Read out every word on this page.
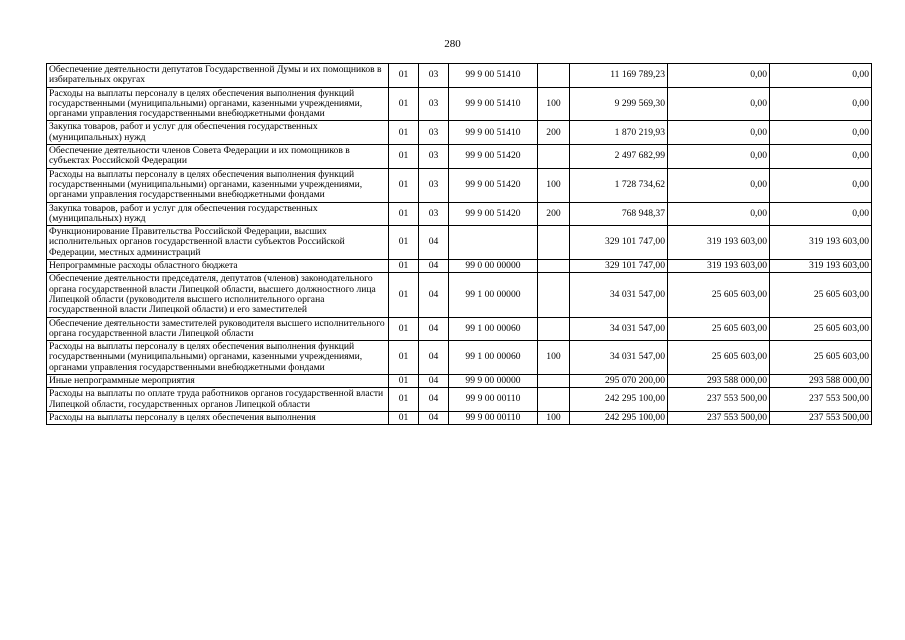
280
Обеспечение деятельности депутатов Государственной Думы и их помощников в избирательных округах	01	03	99 9 00 51410		11 169 789,23	0,00	0,00
Расходы на выплаты персоналу в целях обеспечения выполнения функций государственными (муниципальными) органами, казенными учреждениями, органами управления государственными внебюджетными фондами	01	03	99 9 00 51410	100	9 299 569,30	0,00	0,00
Закупка товаров, работ и услуг для обеспечения государственных (муниципальных) нужд	01	03	99 9 00 51410	200	1 870 219,93	0,00	0,00
Обеспечение деятельности членов Совета Федерации и их помощников в субъектах Российской Федерации	01	03	99 9 00 51420		2 497 682,99	0,00	0,00
Расходы на выплаты персоналу в целях обеспечения выполнения функций государственными (муниципальными) органами, казенными учреждениями, органами управления государственными внебюджетными фондами	01	03	99 9 00 51420	100	1 728 734,62	0,00	0,00
Закупка товаров, работ и услуг для обеспечения государственных (муниципальных) нужд	01	03	99 9 00 51420	200	768 948,37	0,00	0,00
Функционирование Правительства Российской Федерации, высших исполнительных органов государственной власти субъектов Российской Федерации, местных администраций	01	04			329 101 747,00	319 193 603,00	319 193 603,00
Непрограммные расходы областного бюджета	01	04	99 0 00 00000		329 101 747,00	319 193 603,00	319 193 603,00
Обеспечение деятельности председателя, депутатов (членов) законодательного органа государственной власти Липецкой области, высшего должностного лица Липецкой области (руководителя высшего исполнительного органа государственной власти Липецкой области) и его заместителей	01	04	99 1 00 00000		34 031 547,00	25 605 603,00	25 605 603,00
Обеспечение деятельности заместителей руководителя высшего исполнительного органа государственной власти Липецкой области	01	04	99 1 00 00060		34 031 547,00	25 605 603,00	25 605 603,00
Расходы на выплаты персоналу в целях обеспечения выполнения функций государственными (муниципальными) органами, казенными учреждениями, органами управления государственными внебюджетными фондами	01	04	99 1 00 00060	100	34 031 547,00	25 605 603,00	25 605 603,00
Иные непрограммные мероприятия	01	04	99 9 00 00000		295 070 200,00	293 588 000,00	293 588 000,00
Расходы на выплаты по оплате труда работников органов государственной власти Липецкой области, государственных органов Липецкой области	01	04	99 9 00 00110		242 295 100,00	237 553 500,00	237 553 500,00
Расходы на выплаты персоналу в целях обеспечения выполнения	01	04	99 9 00 00110	100	242 295 100,00	237 553 500,00	237 553 500,00
